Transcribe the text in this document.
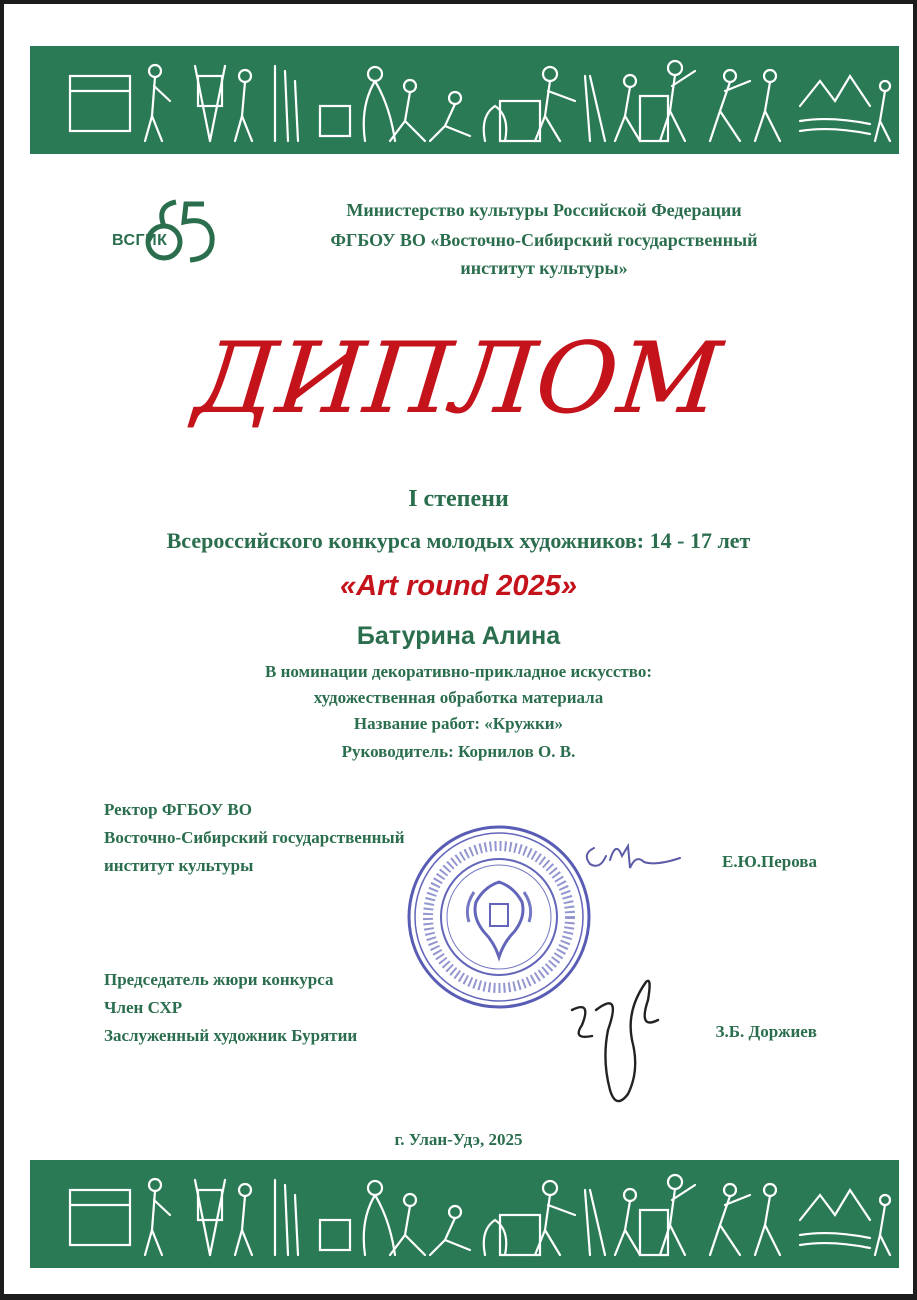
ВСГИК
Министерство культуры Российской Федерации
ФГБОУ ВО «Восточно-Сибирский государственный
институт культуры»
ДИПЛОМ
I степени
Всероссийского конкурса молодых художников: 14 - 17 лет
«Art round 2025»
Батурина Алина
В номинации декоративно-прикладное искусство:
художественная обработка материала
Название работ: «Кружки»
Руководитель: Корнилов О. В.
Ректор ФГБОУ ВО
Восточно-Сибирский государственный
институт культуры	Е.Ю.Перова
Председатель жюри конкурса
Член СХР
Заслуженный художник Бурятии	З.Б. Доржиев
г. Улан-Удэ, 2025
